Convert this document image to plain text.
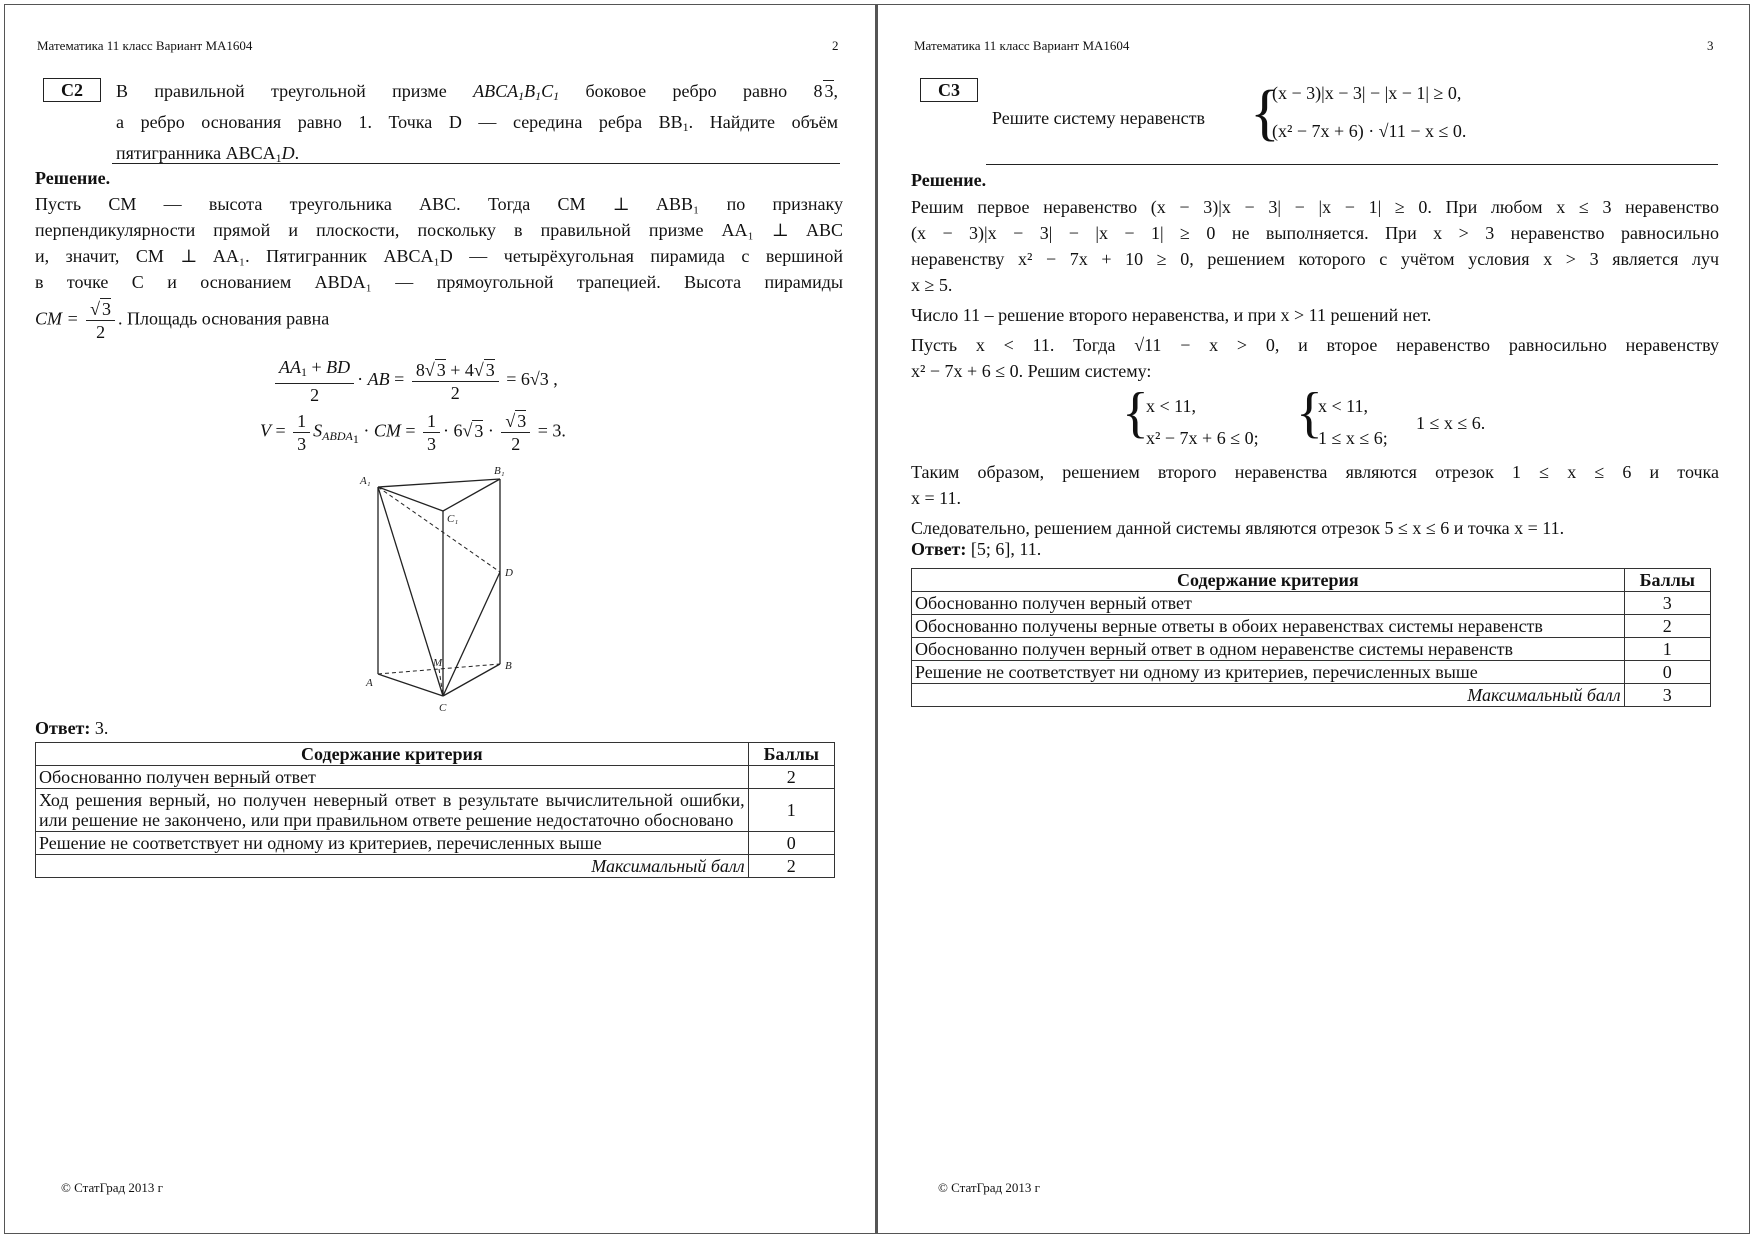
Математика 11 класс Вариант МА1604	2
С2	В правильной треугольной призме $ABCA_1B_1C_1$ боковое ребро равно 8 3,
а ребро основания равно 1. Точка D — середина ребра $BB_1$. Найдите объём
пятигранника $ABCA_1D$.
Решение.
Пусть CM — высота треугольника ABC. Тогда CM ⊥ ABB₁ по признаку
перпендикулярности прямой и плоскости, поскольку в правильной призме AA₁ ⊥ ABC
и, значит, CM ⊥ AA₁. Пятигранник ABCA₁D — четырёхугольная пирамида с вершиной
в точке C и основанием ABDA₁ — прямоугольной трапецией. Высота пирамиды
CM = $\frac{√ 3}{2}$ . Площадь основания равна
$\frac{AA_1 + BD}{2}$ · AB = $\frac{8√ 3 + 4√ 3}{2} = 6√3$ ,
$V = \frac{1}{3} S_{ABDA_1}$ · CM = $\frac{1}{3} \cdot 6√$ $3 \cdot \frac{√ 3}{2} = 3$.
A₁
B₁
C₁
D
M
A
B
C
Ответ: 3.
Содержание критерия	Баллы
Обоснованно получен верный ответ	2
Ход решения верный, но получен неверный ответ в результате вычислительной ошибки, или решение не закончено, или при правильном ответе решение недостаточно обосновано	1
Решение не соответствует ни одному из критериев, перечисленных выше	0
Максимальный балл	2
© СтатГрад 2013 г
Математика 11 класс Вариант МА1604	3
С3
Решите систему неравенств {
(x − 3)|x − 3| − |x − 1| ≥ 0,
(x² − 7x + 6) · √11 − x ≤ 0.
Решение.
Решим первое неравенство (x − 3)|x − 3| − |x − 1| ≥ 0. При любом x ≤ 3 неравенство
(x − 3)|x − 3| − |x − 1| ≥ 0 не выполняется. При x > 3 неравенство равносильно
неравенству x² − 7x + 10 ≥ 0, решением которого с учётом условия x > 3 является луч
x ≥ 5.
Число 11 – решение второго неравенства, и при x > 11 решений нет.
Пусть x < 11. Тогда √11 − x > 0, и второе неравенство равносильно неравенству
x² − 7x + 6 ≤ 0. Решим систему:
{
x < 11,
x² − 7x + 6 ≤ 0; {
x < 11,
1 ≤ x ≤ 6;
1 ≤ x ≤ 6.
Таким образом, решением второго неравенства являются отрезок 1 ≤ x ≤ 6 и точка
x = 11.
Следовательно, решением данной системы являются отрезок 5 ≤ x ≤ 6 и точка x = 11.
Ответ: [5; 6], 11.
Содержание критерия	Баллы
Обоснованно получен верный ответ	3
Обоснованно получены верные ответы в обоих неравенствах системы неравенств	2
Обоснованно получен верный ответ в одном неравенстве системы неравенств	1
Решение не соответствует ни одному из критериев, перечисленных выше	0
Максимальный балл	3
© СтатГрад 2013 г
